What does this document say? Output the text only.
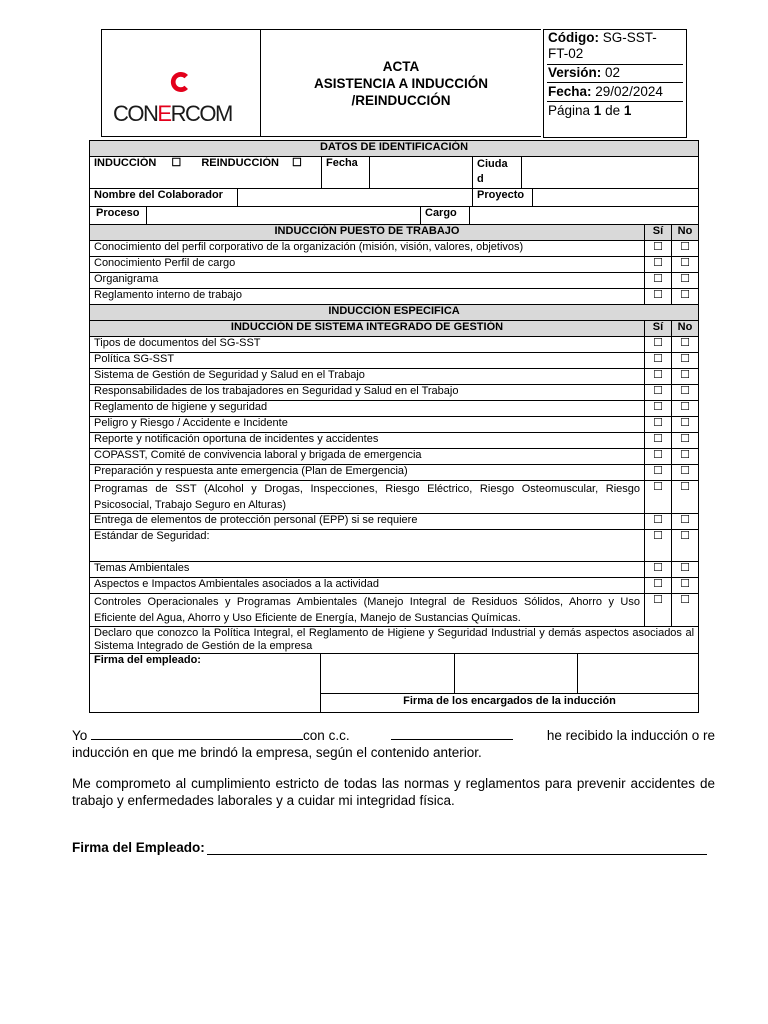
CONERCOM
ACTA
ASISTENCIA A INDUCCIÓN
/REINDUCCIÓN
Código: SG-SST-
FT-02
Versión: 02
Fecha: 29/02/2024
Página 1 de 1
DATOS DE IDENTIFICACIÓN		

INDUCCIÓN ☐ REINDUCCIÓN ☐ Fecha Ciuda
d		

Nombre del Colaborador Proyecto		

Proceso Cargo		

INDUCCIÓN PUESTO DE TRABAJO	Sí	No
Conocimiento del perfil corporativo de la organización (misión, visión, valores, objetivos)	☐	☐
Conocimiento Perfil de cargo	☐	☐
Organigrama	☐	☐
Reglamento interno de trabajo	☐	☐
INDUCCIÓN ESPECIFICA		
INDUCCIÓN DE SISTEMA INTEGRADO DE GESTIÓN	Sí	No
Tipos de documentos del SG-SST	☐	☐
Política SG-SST	☐	☐
Sistema de Gestión de Seguridad y Salud en el Trabajo	☐	☐
Responsabilidades de los trabajadores en Seguridad y Salud en el Trabajo	☐	☐
Reglamento de higiene y seguridad	☐	☐
Peligro y Riesgo / Accidente e Incidente	☐	☐
Reporte y notificación oportuna de incidentes y accidentes	☐	☐
COPASST, Comité de convivencia laboral y brigada de emergencia	☐	☐
Preparación y respuesta ante emergencia (Plan de Emergencia)	☐	☐
Programas de SST (Alcohol y Drogas, Inspecciones, Riesgo Eléctrico, Riesgo Osteomuscular, Riesgo Psicosocial, Trabajo Seguro en Alturas)	☐	☐
Entrega de elementos de protección personal (EPP) si se requiere	☐	☐
Estándar de Seguridad:	☐	☐
Temas Ambientales	☐	☐
Aspectos e Impactos Ambientales asociados a la actividad	☐	☐
Controles Operacionales y Programas Ambientales (Manejo Integral de Residuos Sólidos, Ahorro y Uso Eficiente del Agua, Ahorro y Uso Eficiente de Energía, Manejo de Sustancias Químicas.	☐	☐
Declaro que conozco la Política Integral, el Reglamento de Higiene y Seguridad Industrial y demás aspectos asociados al Sistema Integrado de Gestión de la empresa		

Firma del empleado:
Firma de los encargados de la inducción		
Yo	con c.c.	he recibido la inducción o re
inducción en que me brindó la empresa, según el contenido anterior.
Me comprometo al cumplimiento estricto de todas las normas y reglamentos para prevenir accidentes de trabajo y enfermedades laborales y a cuidar mi integridad física.
Firma del Empleado:
